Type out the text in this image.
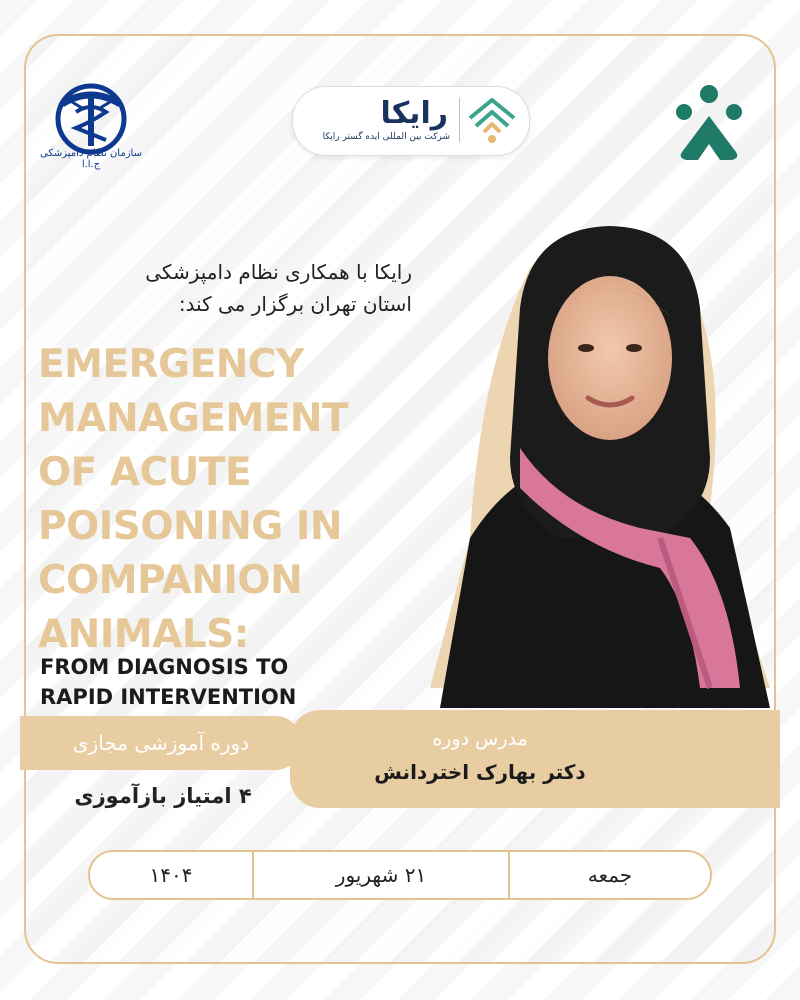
سازمان نظام دامپزشکی ج.ا.ا
رایکا
شرکت بین المللی ایده گستر رایکا
رایکا با همکاری نظام دامپزشکی
استان تهران برگزار می کند:
EMERGENCY
MANAGEMENT
OF ACUTE
POISONING IN
COMPANION
ANIMALS:
FROM DIAGNOSIS TO
RAPID INTERVENTION
دوره آموزشی مجازی
۴ امتیاز بازآموزی
مدرس دوره
دکتر بهارک اختردانش
۱۴۰۴	۲۱ شهریور	جمعه
